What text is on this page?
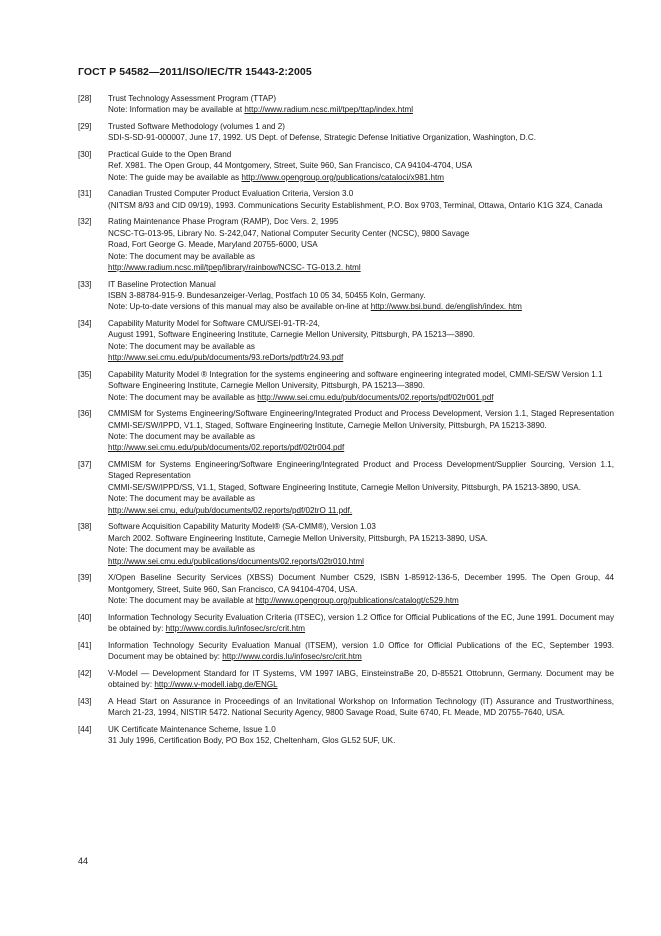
ГОСТ Р 54582—2011/ISO/IEC/TR 15443-2:2005
[28]	Trust Technology Assessment Program (TTAP)
Note: Information may be available at http://www.radium.ncsc.mil/tpep/ttap/index.html
[29]	Trusted Software Methodology (volumes 1 and 2)
SDI-S-SD-91-000007, June 17, 1992. US Dept. of Defense, Strategic Defense Initiative Organization, Washington, D.C.
[30]	Practical Guide to the Open Brand
Ref. X981. The Open Group, 44 Montgomery, Street, Suite 960, San Francisco, CA 94104-4704, USA
Note: The guide may be available as http://www.opengroup.org/publications/cataloci/x981.htm
[31]	Canadian Trusted Computer Product Evaluation Criteria, Version 3.0
(NITSM 8/93 and CID 09/19), 1993. Communications Security Establishment, P.O. Box 9703, Terminal, Ottawa, Ontario K1G 3Z4, Canada
[32]	Rating Maintenance Phase Program (RAMP), Doc Vers. 2, 1995
NCSC-TG-013-95, Library No. S-242,047, National Computer Security Center (NCSC), 9800 Savage
Road, Fort George G. Meade, Maryland 20755-6000, USA
Note: The document may be available as
http://www.radium.ncsc.mil/tpep/library/rainbow/NCSC- TG-013.2. html
[33]	IT Baseline Protection Manual
ISBN 3-88784-915-9. Bundesanzeiger-Verlag, Postfach 10 05 34, 50455 Koln, Germany.
Note: Up-to-date versions of this manual may also be available on-line at http://www.bsi.bund. de/english/index. htm
[34]	Capability Maturity Model for Software CMU/SEI-91-TR-24,
August 1991, Software Engineering Institute, Carnegie Mellon University, Pittsburgh, PA 15213—3890.
Note: The document may be available as
http://www.sei.cmu.edu/pub/documents/93.reDorts/pdf/tr24.93.pdf
[35]	Capability Maturity Model ® Integration for the systems engineering and software engineering integrated model, CMMI-SE/SW Version 1.1
Software Engineering Institute, Carnegie Mellon University, Pittsburgh, PA 15213—3890.
Note: The document may be available as http://www.sei.cmu.edu/pub/documents/02.reports/pdf/02tr001.pdf
[36]	CMMISM for Systems Engineering/Software Engineering/Integrated Product and Process Development, Version 1.1, Staged Representation CMMI-SE/SW/IPPD, V1.1, Staged, Software Engineering Institute, Carnegie Mellon University, Pittsburgh, PA 15213-3890.
Note: The document may be available as
http://www.sei.cmu.edu/pub/documents/02.reports/pdf/02tr004.pdf
[37]	CMMISM for Systems Engineering/Software Engineering/Integrated Product and Process Development/Supplier Sourcing, Version 1.1, Staged Representation
CMMI-SE/SW/IPPD/SS, V1.1, Staged, Software Engineering Institute, Carnegie Mellon University, Pittsburgh, PA 15213-3890, USA.
Note: The document may be available as
http://www.sei.cmu, edu/pub/documents/02.reports/pdf/02trO 11.pdf.
[38]	Software Acquisition Capability Maturity Model® (SA-CMM®), Version 1.03
March 2002. Software Engineering Institute, Carnegie Mellon University, Pittsburgh, PA 15213-3890, USA.
Note: The document may be available as
http://www.sei.cmu.edu/publications/documents/02.reports/02tr010.html
[39]	X/Open Baseline Security Services (XBSS) Document Number C529, ISBN 1-85912-136-5, December 1995. The Open Group, 44 Montgomery, Street, Suite 960, San Francisco, CA 94104-4704, USA.
Note: The document may be available at http://www.opengroup.org/publications/catalogt/c529.htm
[40]	Information Technology Security Evaluation Criteria (ITSEC), version 1.2 Office for Official Publications of the EC, June 1991. Document may be obtained by: http://www.cordis.lu/infosec/src/crit.htm
[41]	Information Technology Security Evaluation Manual (ITSEM), version 1.0 Office for Official Publications of the EC, September 1993. Document may be obtained by: http://www.cordis.lu/infosec/src/crit.htm
[42]	V-Model — Development Standard for IT Systems, VM 1997 IABG, EinsteinstraBe 20, D-85521 Ottobrunn, Germany. Document may be obtained by: http://www.v-modell.iabg.de/ENGL
[43]	A Head Start on Assurance in Proceedings of an Invitational Workshop on Information Technology (IT) Assurance and Trustworthiness, March 21-23, 1994, NISTIR 5472. National Security Agency, 9800 Savage Road, Suite 6740, Ft. Meade, MD 20755-7640, USA.
[44]	UK Certificate Maintenance Scheme, Issue 1.0
31 July 1996, Certification Body, PO Box 152, Cheltenham, Glos GL52 5UF, UK.
44
